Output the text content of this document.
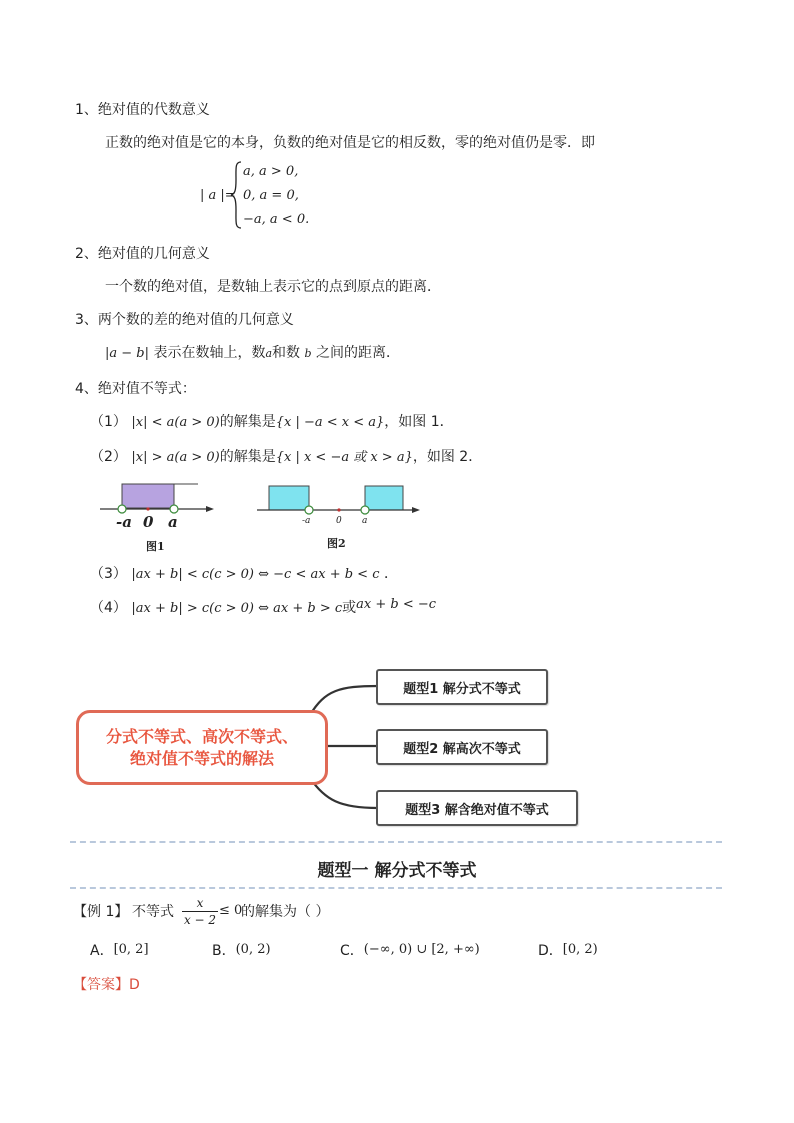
1、绝对值的代数意义
正数的绝对值是它的本身，负数的绝对值是它的相反数，零的绝对值仍是零．即
| a |=
a, a > 0,
0, a = 0,
−a, a < 0.
2、绝对值的几何意义
一个数的绝对值，是数轴上表示它的点到原点的距离．
3、两个数的差的绝对值的几何意义
|a − b| 表示在数轴上，数a和数 b 之间的距离．
4、绝对值不等式：
（1） |x| < a(a > 0)的解集是{x | −a < x < a}，如图 1．
（2） |x| > a(a > 0)的解集是{x | x < −a 或 x > a}，如图 2．
-a 0 a
图1
-a	0 a
图2
（3） |ax + b| < c(c > 0) ⇔ −c < ax + b < c ．
（4） |ax + b| > c(c > 0) ⇔ ax + b > c或ax + b < −c
分式不等式、高次不等式、
绝对值不等式的解法
题型1 解分式不等式
题型2 解高次不等式
题型3 解含绝对值不等式
题型一 解分式不等式
【例 1】 不等式
x
x − 2
≤ 0
的解集为（ ）
A．[0, 2]	B．(0, 2)	C．(−∞, 0) ∪ [2, +∞)	D．[0, 2)
【答案】D
